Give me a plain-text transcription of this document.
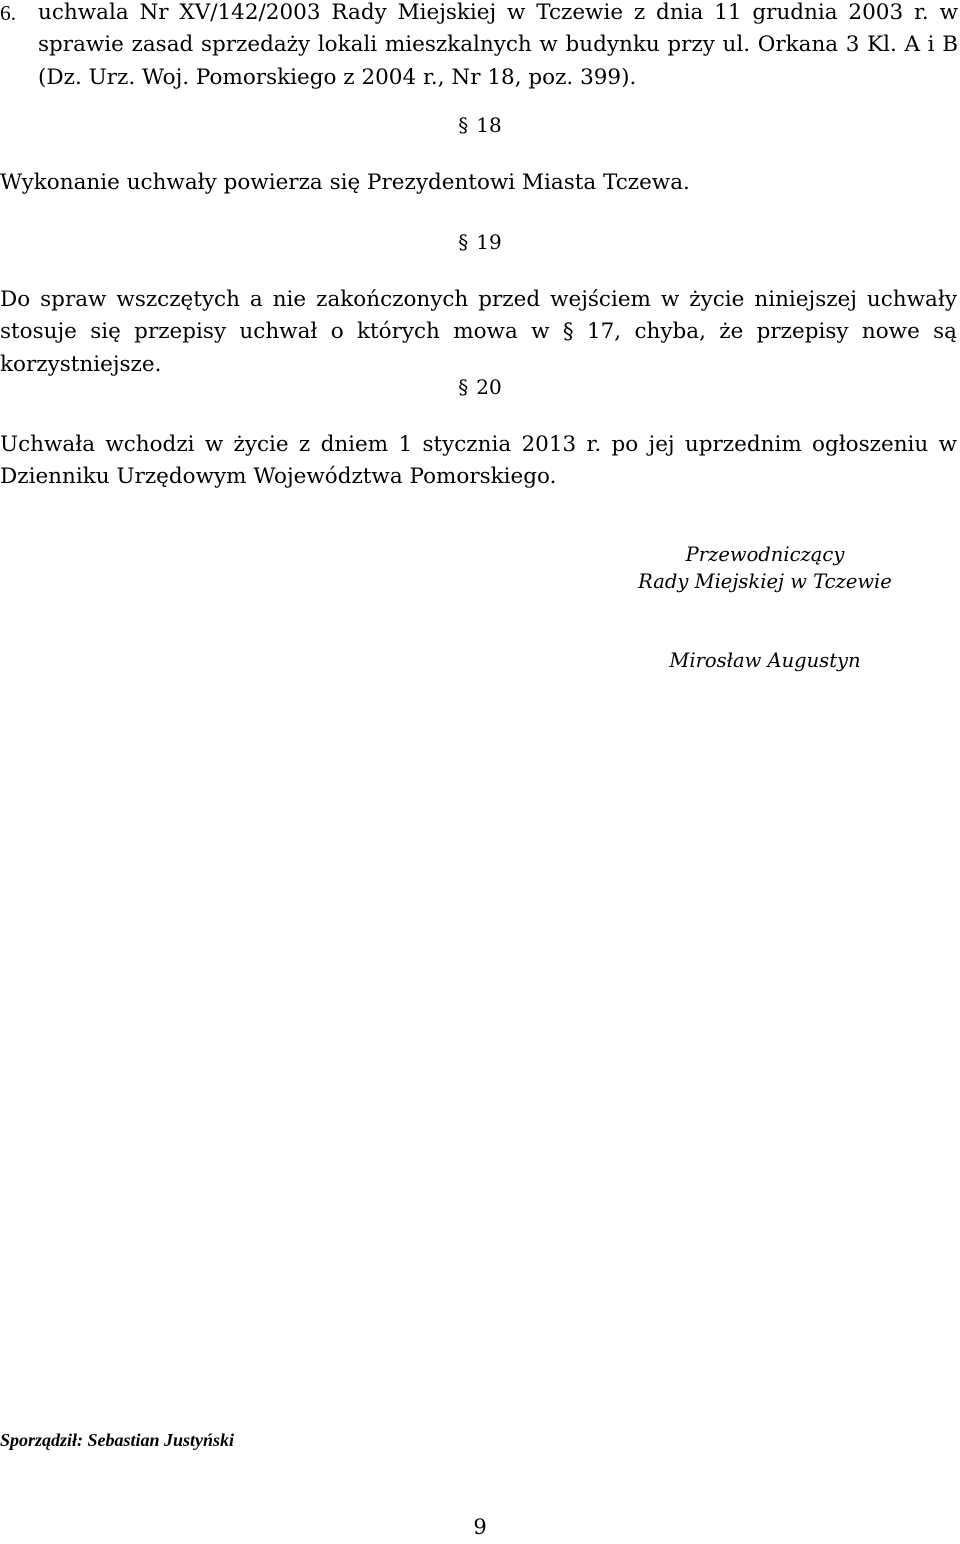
6. uchwala Nr XV/142/2003 Rady Miejskiej w Tczewie z dnia 11 grudnia 2003 r. w sprawie zasad sprzedaży lokali mieszkalnych w budynku przy ul. Orkana 3 Kl. A i B (Dz. Urz. Woj. Pomorskiego z 2004 r., Nr 18, poz. 399).
§ 18
Wykonanie uchwały powierza się Prezydentowi Miasta Tczewa.
§ 19
Do spraw wszczętych a nie zakończonych przed wejściem w życie niniejszej uchwały stosuje się przepisy uchwał o których mowa w § 17, chyba, że przepisy nowe są korzystniejsze.
§ 20
Uchwała wchodzi w życie z dniem 1 stycznia 2013 r. po jej uprzednim ogłoszeniu w Dzienniku Urzędowym Województwa Pomorskiego.
Przewodniczący
Rady Miejskiej w Tczewie
Mirosław Augustyn
Sporządził: Sebastian Justyński
9
